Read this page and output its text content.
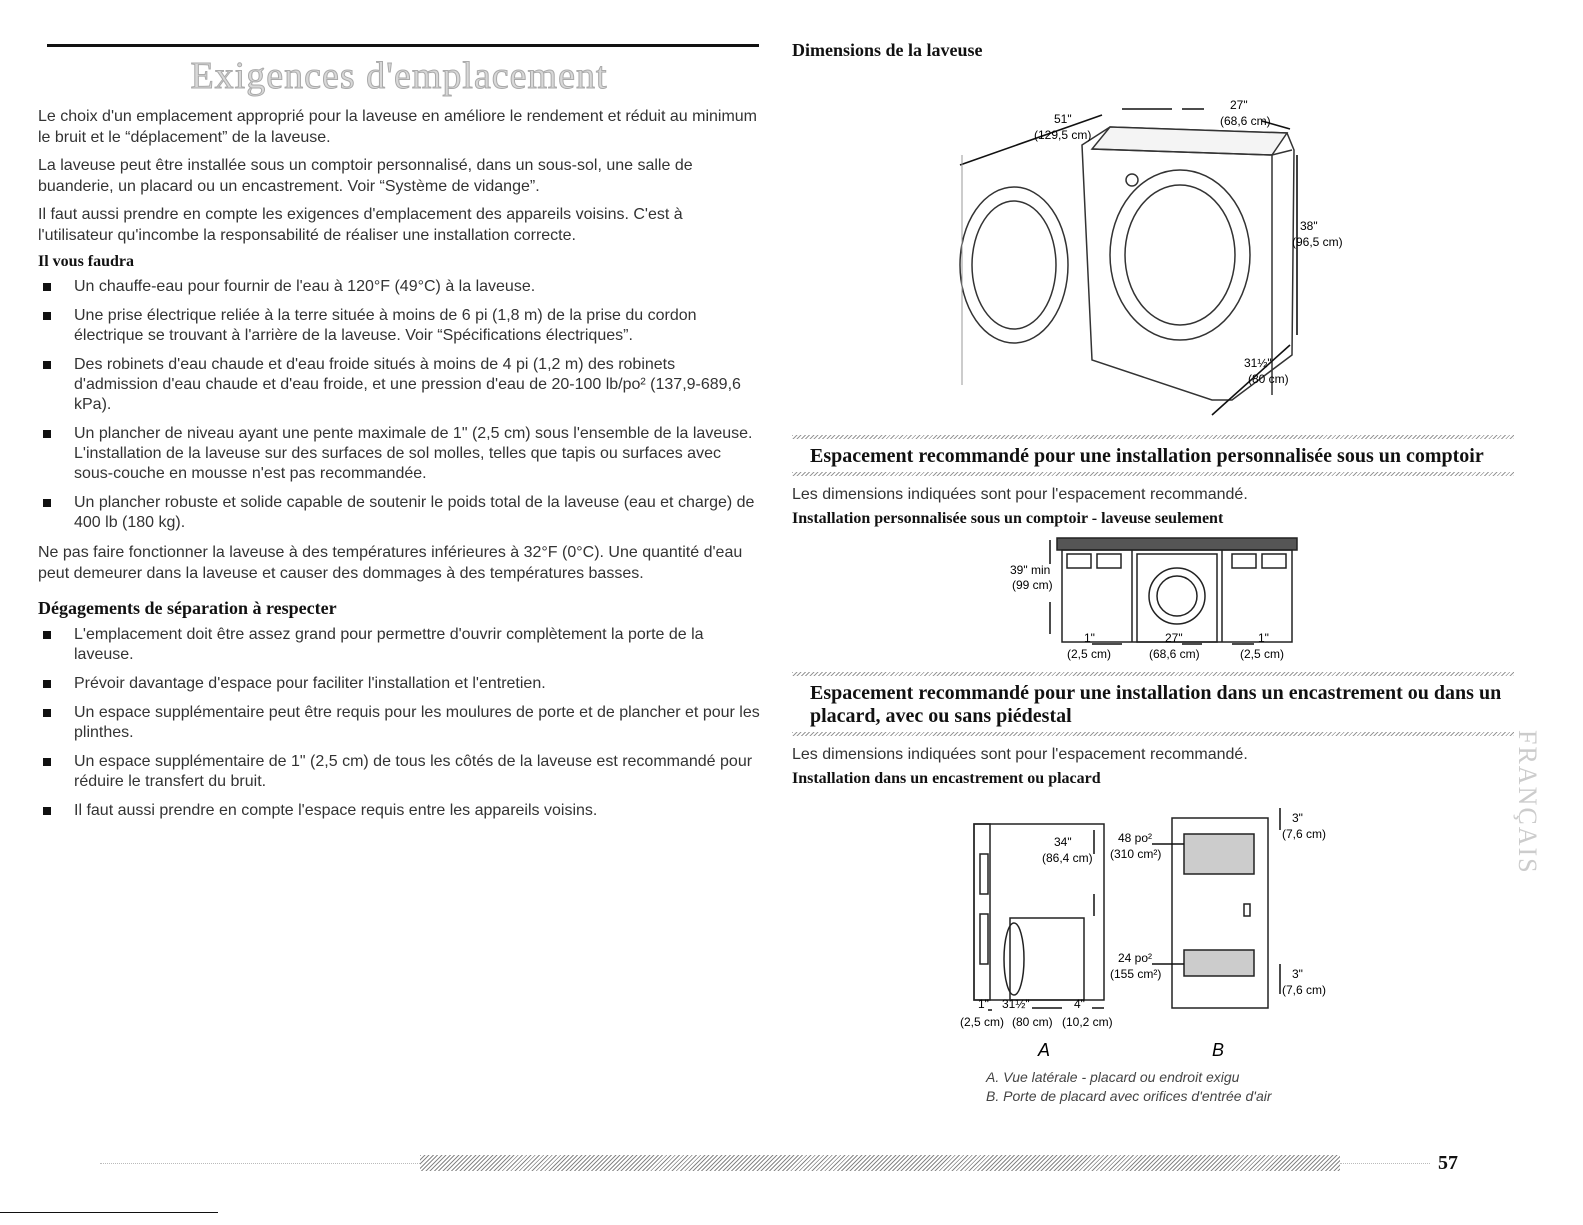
Exigences d'emplacement

Le choix d'un emplacement approprié pour la laveuse en améliore le rendement et réduit au minimum le bruit et le “déplacement” de la laveuse.

La laveuse peut être installée sous un comptoir personnalisé, dans un sous-sol, une salle de buanderie, un placard ou un encastrement. Voir “Système de vidange”.

Il faut aussi prendre en compte les exigences d'emplacement des appareils voisins. C'est à l'utilisateur qu'incombe la responsabilité de réaliser une installation correcte.

Il vous faudra
Un chauffe-eau pour fournir de l'eau à 120°F (49°C) à la laveuse.
Une prise électrique reliée à la terre située à moins de 6 pi (1,8 m) de la prise du cordon électrique se trouvant à l'arrière de la laveuse. Voir “Spécifications électriques”.
Des robinets d'eau chaude et d'eau froide situés à moins de 4 pi (1,2 m) des robinets d'admission d'eau chaude et d'eau froide, et une pression d'eau de 20-100 lb/po² (137,9-689,6 kPa).
Un plancher de niveau ayant une pente maximale de 1" (2,5 cm) sous l'ensemble de la laveuse. L'installation de la laveuse sur des surfaces de sol molles, telles que tapis ou surfaces avec sous-couche en mousse n'est pas recommandée.
Un plancher robuste et solide capable de soutenir le poids total de la laveuse (eau et charge) de 400 lb (180 kg).

Ne pas faire fonctionner la laveuse à des températures inférieures à 32°F (0°C). Une quantité d'eau peut demeurer dans la laveuse et causer des dommages à des températures basses.

Dégagements de séparation à respecter
L'emplacement doit être assez grand pour permettre d'ouvrir complètement la porte de la laveuse.
Prévoir davantage d'espace pour faciliter l'installation et l'entretien.
Un espace supplémentaire peut être requis pour les moulures de porte et de plancher et pour les plinthes.
Un espace supplémentaire de 1" (2,5 cm) de tous les côtés de la laveuse est recommandé pour réduire le transfert du bruit.
Il faut aussi prendre en compte l'espace requis entre les appareils voisins.
Dimensions de la laveuse
51"
(129,5 cm)
27"
(68,6 cm)
38"
(96,5 cm)
31½"
(80 cm)
Espacement recommandé pour une installation personnalisée sous un comptoir
Les dimensions indiquées sont pour l'espacement recommandé.
Installation personnalisée sous un comptoir - laveuse seulement
39" min
(99 cm)
1"
(2,5 cm)
27"
(68,6 cm)
1"
(2,5 cm)
Espacement recommandé pour une installation dans un encastrement ou dans un
placard, avec ou sans piédestal
Les dimensions indiquées sont pour l'espacement recommandé.
Installation dans un encastrement ou placard
34"
(86,4 cm)
1" 31½"	4"
(2,5 cm) (80 cm) (10,2 cm)
48 po²
(310 cm²)
24 po²
(155 cm²)
3"
(7,6 cm)
3"
(7,6 cm)
A	B
A. Vue latérale - placard ou endroit exigu
B. Porte de placard avec orifices d'entrée d'air
FRANÇAIS
57
